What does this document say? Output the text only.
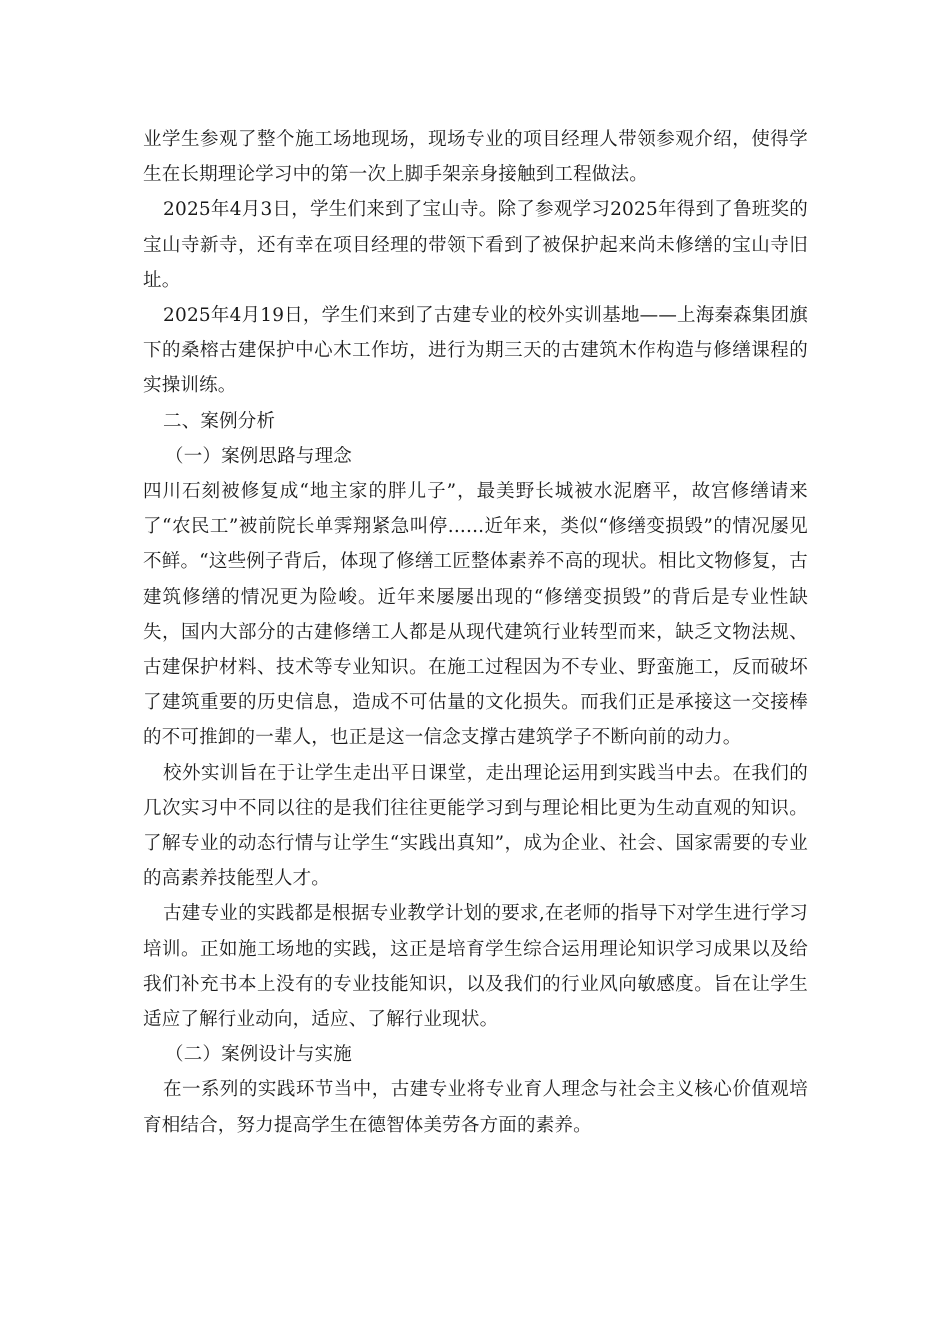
业学生参观了整个施工场地现场，现场专业的项目经理人带领参观介绍，使得学生在长期理论学习中的第一次上脚手架亲身接触到工程做法。

2025年4月3日，学生们来到了宝山寺。除了参观学习2025年得到了鲁班奖的宝山寺新寺，还有幸在项目经理的带领下看到了被保护起来尚未修缮的宝山寺旧址。

2025年4月19日，学生们来到了古建专业的校外实训基地——上海秦森集团旗下的桑榕古建保护中心木工作坊，进行为期三天的古建筑木作构造与修缮课程的实操训练。

二、案例分析

（一）案例思路与理念

四川石刻被修复成“地主家的胖儿子”，最美野长城被水泥磨平，故宫修缮请来了“农民工”被前院长单霁翔紧急叫停......近年来，类似“修缮变损毁”的情况屡见不鲜。“这些例子背后，体现了修缮工匠整体素养不高的现状。相比文物修复，古建筑修缮的情况更为险峻。近年来屡屡出现的“修缮变损毁”的背后是专业性缺失，国内大部分的古建修缮工人都是从现代建筑行业转型而来，缺乏文物法规、古建保护材料、技术等专业知识。在施工过程因为不专业、野蛮施工，反而破坏了建筑重要的历史信息，造成不可估量的文化损失。而我们正是承接这一交接棒的不可推卸的一辈人，也正是这一信念支撑古建筑学子不断向前的动力。

校外实训旨在于让学生走出平日课堂，走出理论运用到实践当中去。在我们的几次实习中不同以往的是我们往往更能学习到与理论相比更为生动直观的知识。了解专业的动态行情与让学生“实践出真知”，成为企业、社会、国家需要的专业的高素养技能型人才。

古建专业的实践都是根据专业教学计划的要求,在老师的指导下对学生进行学习培训。正如施工场地的实践，这正是培育学生综合运用理论知识学习成果以及给我们补充书本上没有的专业技能知识，以及我们的行业风向敏感度。旨在让学生适应了解行业动向，适应、了解行业现状。

（二）案例设计与实施

在一系列的实践环节当中，古建专业将专业育人理念与社会主义核心价值观培育相结合，努力提高学生在德智体美劳各方面的素养。
